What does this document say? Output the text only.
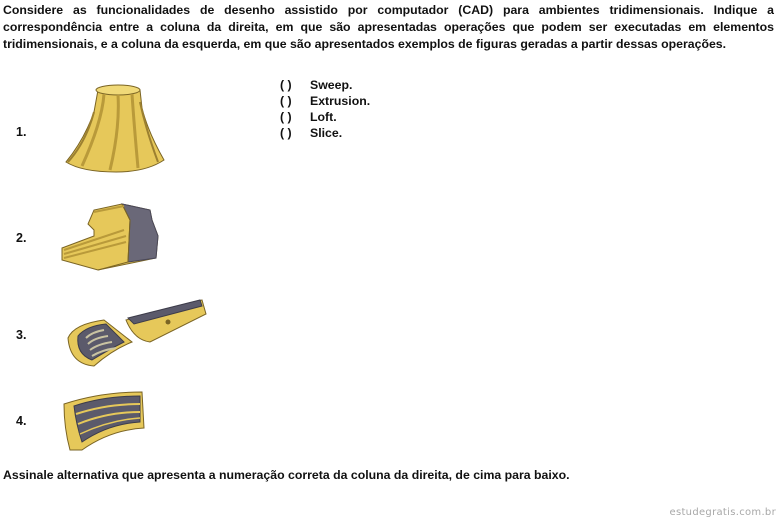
Considere as funcionalidades de desenho assistido por computador (CAD) para ambientes tridimensionais. Indique a correspondência entre a coluna da direita, em que são apresentadas operações que podem ser executadas em elementos tridimensionais, e a coluna da esquerda, em que são apresentados exemplos de figuras geradas a partir dessas operações.

1.
2.
3.
4.
( ) Sweep.
( ) Extrusion.
( ) Loft.
( ) Slice.
Assinale alternativa que apresenta a numeração correta da coluna da direita, de cima para baixo.
estudegratis.com.br
